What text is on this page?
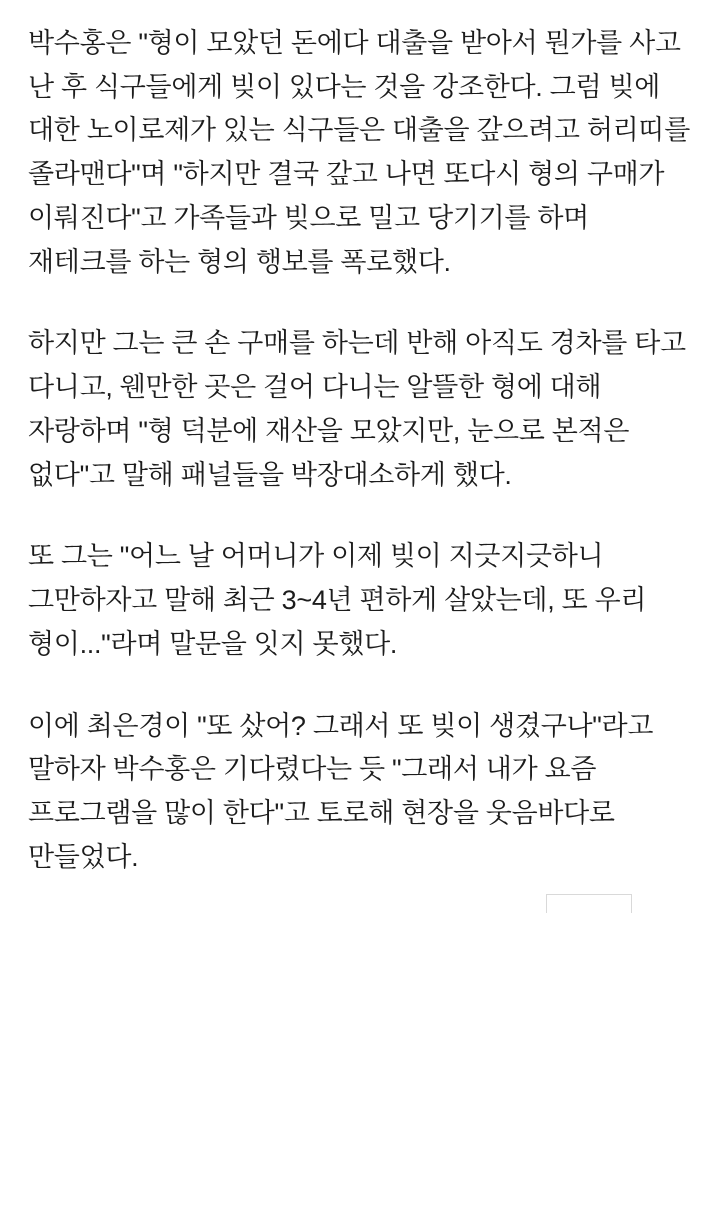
박수홍은 "형이 모았던 돈에다 대출을 받아서 뭔가를 사고 난 후 식구들에게 빚이 있다는 것을 강조한다. 그럼 빚에 대한 노이로제가 있는 식구들은 대출을 갚으려고 허리띠를 졸라맨다"며 "하지만 결국 갚고 나면 또다시 형의 구매가 이뤄진다"고 가족들과 빚으로 밀고 당기기를 하며 재테크를 하는 형의 행보를 폭로했다.

하지만 그는 큰 손 구매를 하는데 반해 아직도 경차를 타고 다니고, 웬만한 곳은 걸어 다니는 알뜰한 형에 대해 자랑하며 "형 덕분에 재산을 모았지만, 눈으로 본적은 없다"고 말해 패널들을 박장대소하게 했다.

또 그는 "어느 날 어머니가 이제 빚이 지긋지긋하니 그만하자고 말해 최근 3~4년 편하게 살았는데, 또 우리 형이..."라며 말문을 잇지 못했다.

이에 최은경이 "또 샀어? 그래서 또 빚이 생겼구나"라고 말하자 박수홍은 기다렸다는 듯 "그래서 내가 요즘 프로그램을 많이 한다"고 토로해 현장을 웃음바다로 만들었다.
